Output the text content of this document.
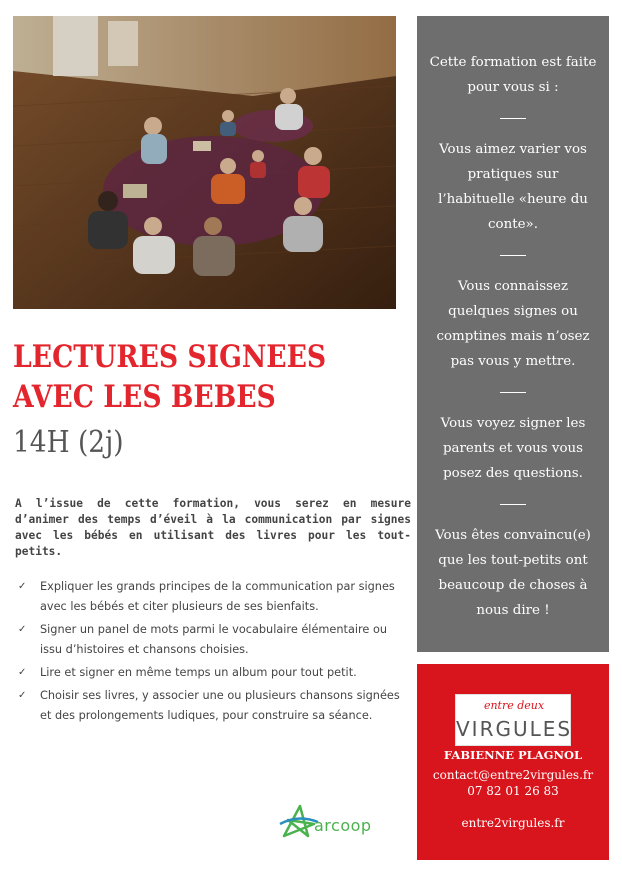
Cette formation est faite pour vous si :

Vous aimez varier vos pratiques sur l’habituelle «heure du conte».

Vous connaissez quelques signes ou comptines mais n’osez pas vous y mettre.

Vous voyez signer les parents et vous vous posez des questions.

Vous êtes convaincu(e) que les tout-petits ont beaucoup de choses à nous dire !

LECTURES SIGNEES AVEC LES BEBES
14H (2j)
A l’issue de cette formation, vous serez en mesure d’animer des temps d’éveil à la communication par signes avec les bébés en utilisant des livres pour les tout-petits.
✓ Expliquer les grands principes de la communication par signes avec les bébés et citer plusieurs de ses bienfaits.
✓ Signer un panel de mots parmi le vocabulaire élémentaire ou issu d’histoires et chansons choisies.
✓ Lire et signer en même temps un album pour tout petit.
✓ Choisir ses livres, y associer une ou plusieurs chansons signées et des prolongements ludiques, pour construire sa séance.
arcoop
entre deux
VIRGULES
FABIENNE PLAGNOL
contact@entre2virgules.fr
07 82 01 26 83
entre2virgules.fr
